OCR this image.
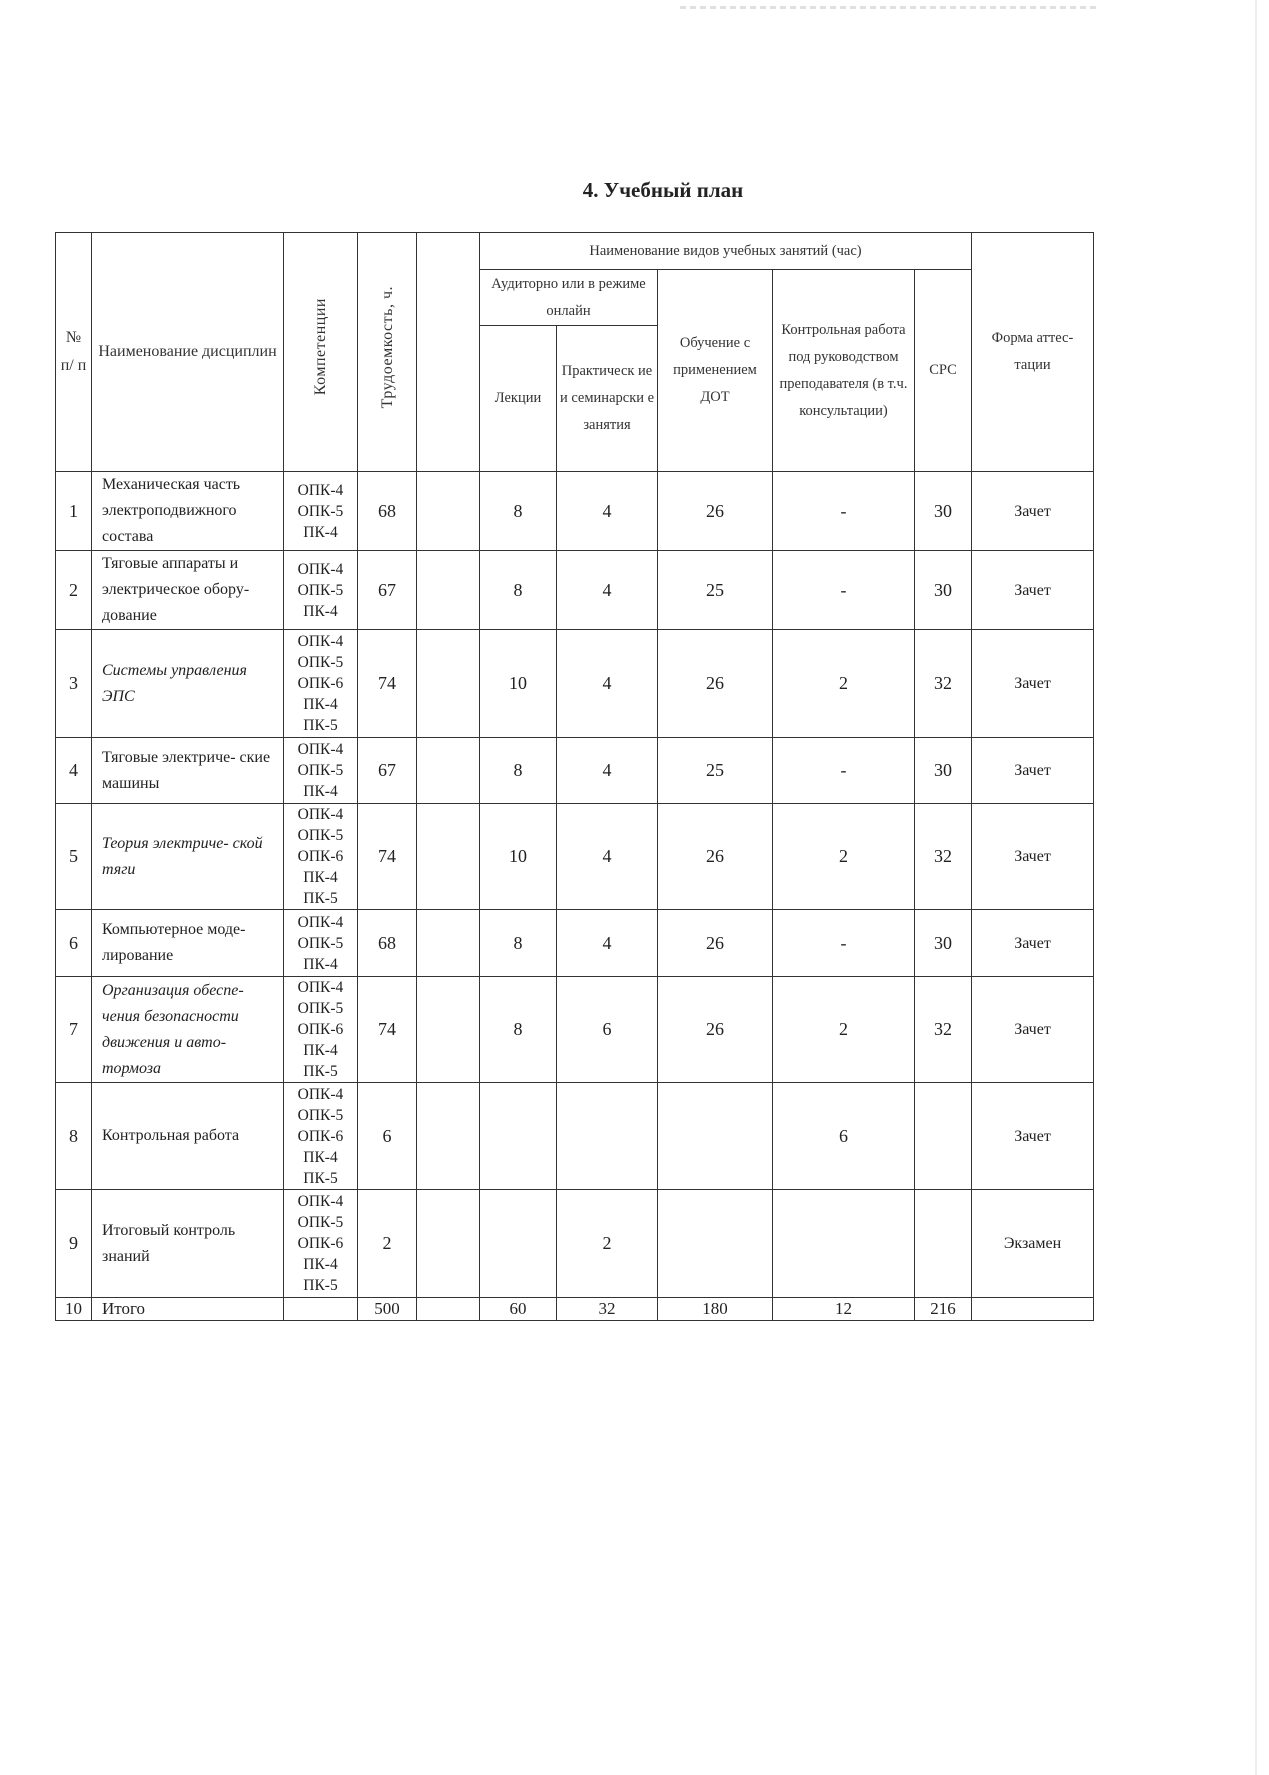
4. Учебный план
№ п/ п	Наименование дисциплин	Компетенции	Трудоемкость, ч.		Наименование видов учебных занятий (час)					Форма аттес- тации
					Аудиторно или в режиме онлайн		Обучение с применением ДОТ	Контрольная работа под руководством преподавателя (в т.ч. консультации)	СРС	
					Лекции	Практическ ие и семинарски е занятия				
1	Механическая часть электроподвижного состава	ОПК-4
ОПК-5
ПК-4	68		8	4	26	-	30	Зачет
2	Тяговые аппараты и электрическое обору- дование	ОПК-4
ОПК-5
ПК-4	67		8	4	25	-	30	Зачет
3	Системы управления ЭПС	ОПК-4
ОПК-5
ОПК-6
ПК-4
ПК-5	74		10	4	26	2	32	Зачет
4	Тяговые электриче- ские машины	ОПК-4
ОПК-5
ПК-4	67		8	4	25	-	30	Зачет
5	Теория электриче- ской тяги	ОПК-4
ОПК-5
ОПК-6
ПК-4
ПК-5	74		10	4	26	2	32	Зачет
6	Компьютерное моде- лирование	ОПК-4
ОПК-5
ПК-4	68		8	4	26	-	30	Зачет
7	Организация обеспе- чения безопасности движения и авто- тормоза	ОПК-4
ОПК-5
ОПК-6
ПК-4
ПК-5	74		8	6	26	2	32	Зачет
8	Контрольная работа	ОПК-4
ОПК-5
ОПК-6
ПК-4
ПК-5	6					6		Зачет
9	Итоговый контроль знаний	ОПК-4
ОПК-5
ОПК-6
ПК-4
ПК-5	2			2				Экзамен
10	Итого		500		60	32	180	12	216	
